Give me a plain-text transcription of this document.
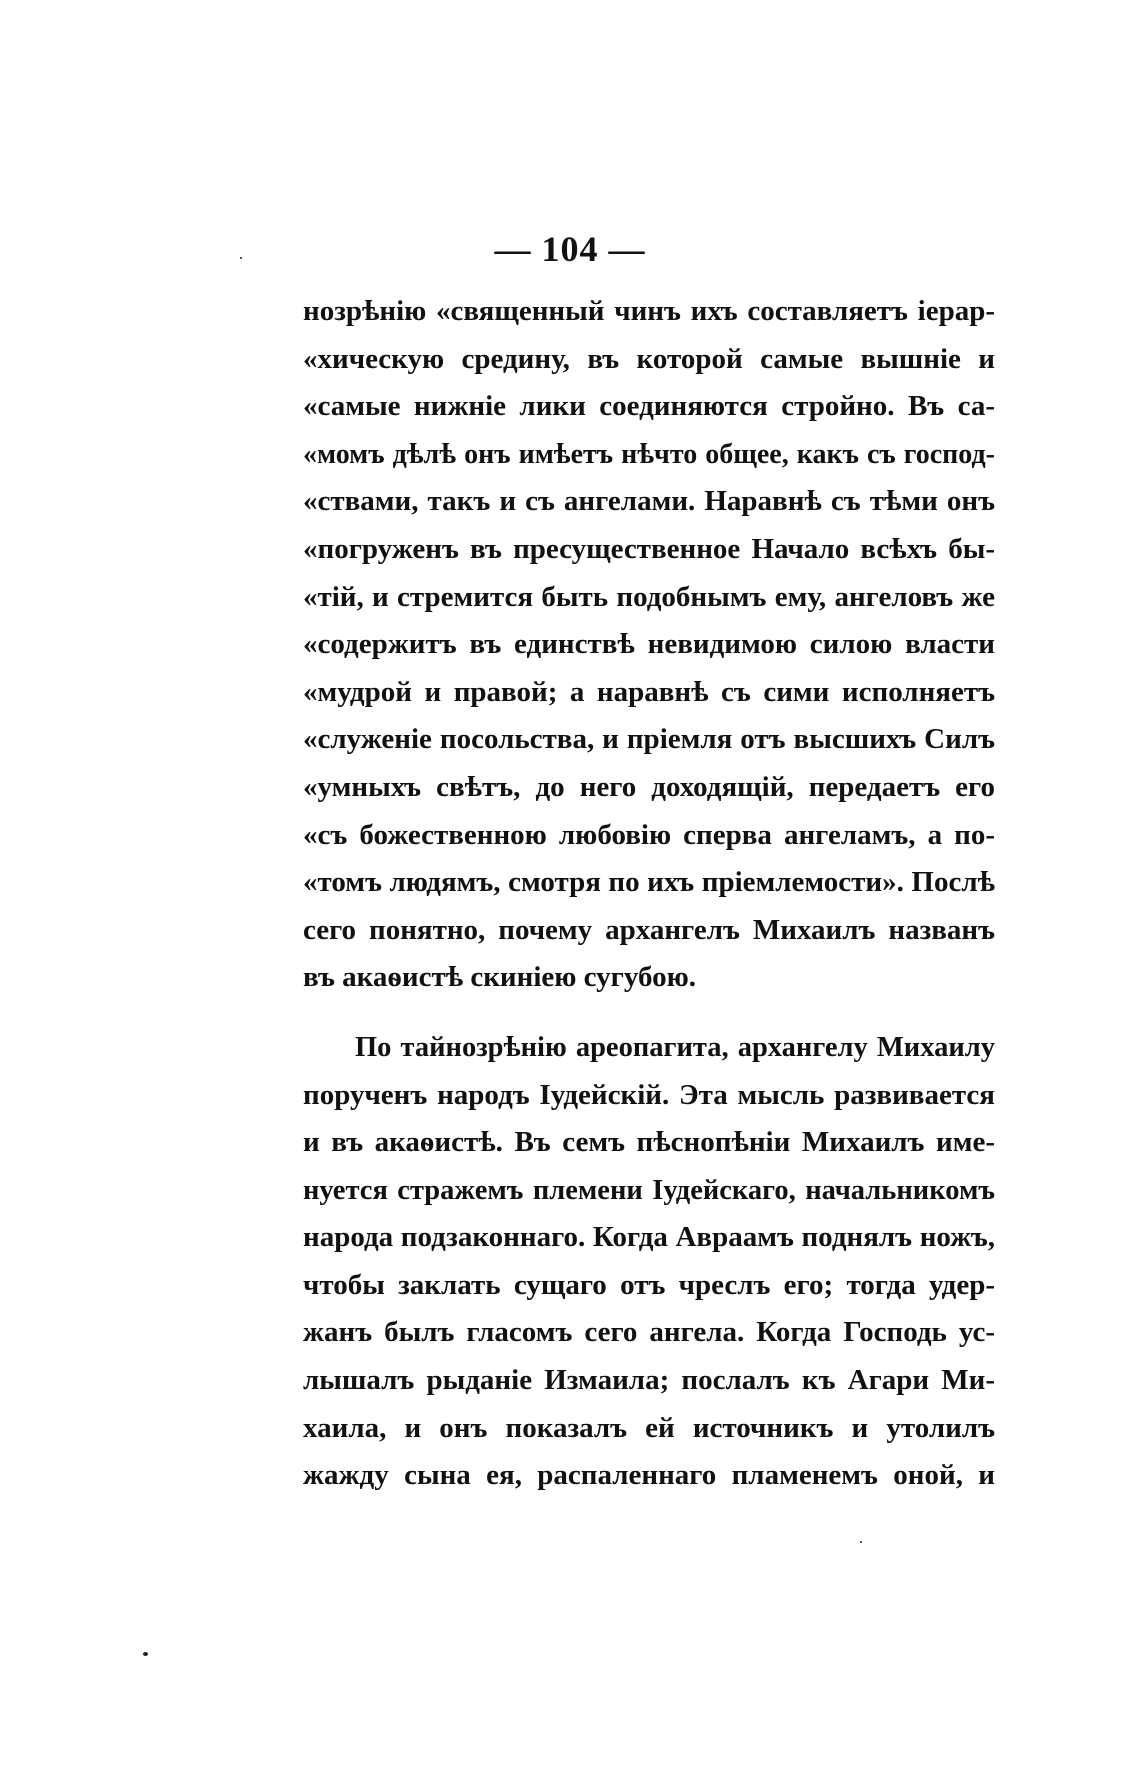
— 104 —
нозрѣнію «священный чинъ ихъ составляетъ iерар-
«хическую средину, въ которой самые вышніе и
«самые нижніе лики соединяются стройно. Въ са-
«момъ дѣлѣ онъ имѣетъ нѣчто общее, какъ съ господ-
«ствами, такъ и съ ангелами. Наравнѣ съ тѣми онъ
«погруженъ въ пресущественное Начало всѣхъ бы-
«тій, и стремится быть подобнымъ ему, ангеловъ же
«содержитъ въ единствѣ невидимою силою власти
«мудрой и правой; а наравнѣ съ сими исполняетъ
«служеніе посольства, и пріемля отъ высшихъ Силъ
«умныхъ свѣтъ, до него доходящій, передаетъ его
«съ божественною любовію сперва ангеламъ, а по-
«томъ людямъ, смотря по ихъ пріемлемости». Послѣ
сего понятно, почему архангелъ Михаилъ названъ
въ акаѳистѣ скиніею сугубою.
По тайнозрѣнію ареопагита, архангелу Михаилу
порученъ народъ Іудейскій. Эта мысль развивается
и въ акаѳистѣ. Въ семъ пѣснопѣніи Михаилъ име-
нуется стражемъ племени Іудейскаго, начальникомъ
народа подзаконнаго. Когда Авраамъ поднялъ ножъ,
чтобы заклать сущаго отъ чреслъ его; тогда удер-
жанъ былъ гласомъ сего ангела. Когда Господь ус-
лышалъ рыданіе Измаила; послалъ къ Агари Ми-
хаила, и онъ показалъ ей источникъ и утолилъ
жажду сына ея, распаленнаго пламенемъ оной, и
